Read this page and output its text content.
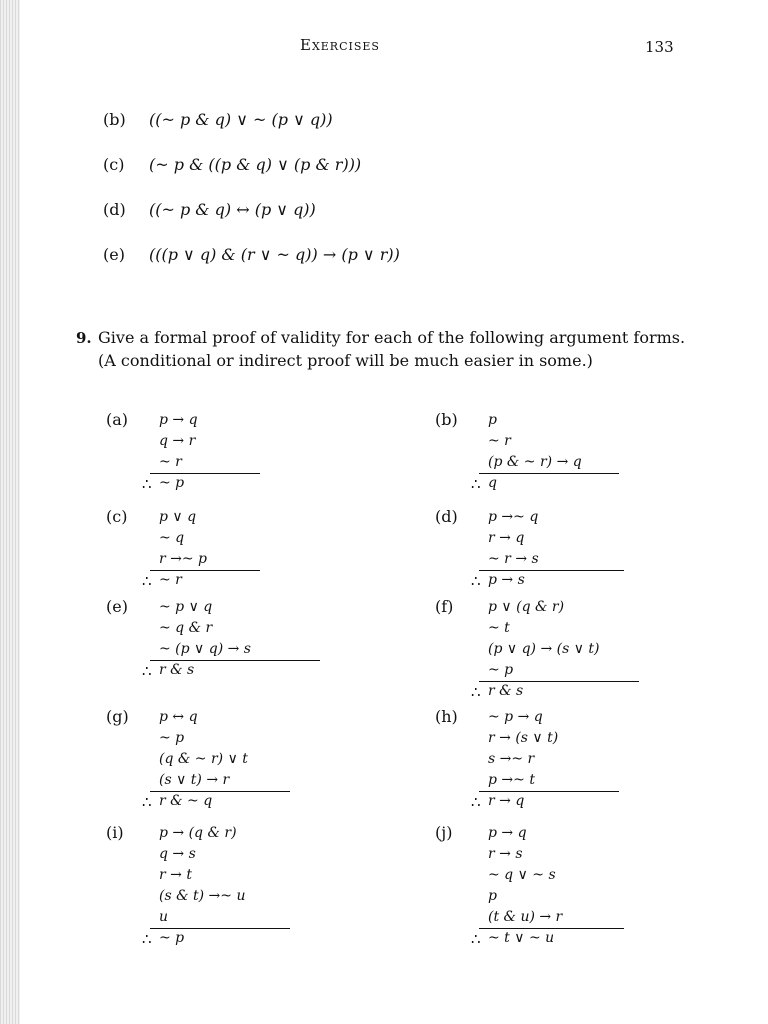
Exercises	133
(b) ((~ p & q) ∨ ~ (p ∨ q))
(c) (~ p & ((p & q) ∨ (p & r)))
(d) ((~ p & q) ↔ (p ∨ q))
(e) (((p ∨ q) & (r ∨ ~ q)) → (p ∨ r))
9. Give a formal proof of validity for each of the following argument forms.
(A conditional or indirect proof will be much easier in some.)
(a) p → q
q → r
~ r
∴ ~ p
(b) p
~ r
(p & ~ r) → q
∴ q
(c) p ∨ q
~ q
r →~ p
∴ ~ r
(d) p →~ q
r → q
~ r → s
∴ p → s
(e) ~ p ∨ q
~ q & r
~ (p ∨ q) → s
∴ r & s
(f) p ∨ (q & r)
~ t
(p ∨ q) → (s ∨ t)
~ p
∴ r & s
(g) p ↔ q
~ p
(q & ~ r) ∨ t
(s ∨ t) → r
∴ r & ~ q
(h) ~ p → q
r → (s ∨ t)
s →~ r
p →~ t
∴ r → q
(i)	p → (q & r)
q → s
r → t
(s & t) →~ u
u
∴ ~ p
(j)	p → q
r → s
~ q ∨ ~ s
p
(t & u) → r
∴ ~ t ∨ ~ u
